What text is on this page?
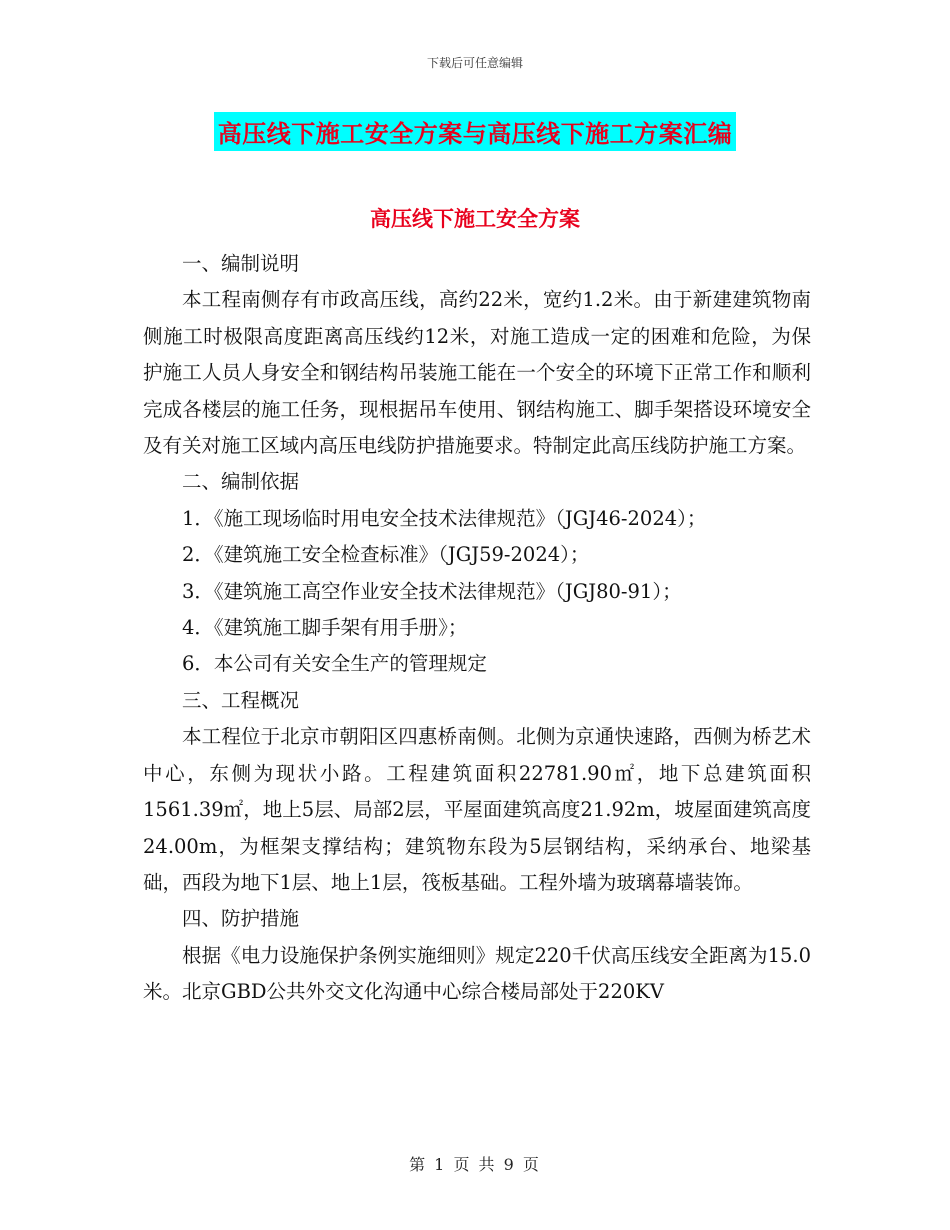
下载后可任意编辑
高压线下施工安全方案与高压线下施工方案汇编
高压线下施工安全方案

一、编制说明

本工程南侧存有市政高压线，高约22米，宽约1.2米。由于新建建筑物南侧施工时极限高度距离高压线约12米，对施工造成一定的困难和危险，为保护施工人员人身安全和钢结构吊装施工能在一个安全的环境下正常工作和顺利完成各楼层的施工任务，现根据吊车使用、钢结构施工、脚手架搭设环境安全及有关对施工区域内高压电线防护措施要求。特制定此高压线防护施工方案。

二、编制依据

1．《施工现场临时用电安全技术法律规范》（JGJ46-2024）；

2．《建筑施工安全检查标准》（JGJ59-2024）；

3．《建筑施工高空作业安全技术法律规范》（JGJ80-91）；

4．《建筑施工脚手架有用手册》；

6．本公司有关安全生产的管理规定

三、工程概况

本工程位于北京市朝阳区四惠桥南侧。北侧为京通快速路，西侧为桥艺术中心，东侧为现状小路。工程建筑面积22781.90㎡，地下总建筑面积1561.39㎡，地上5层、局部2层，平屋面建筑高度21.92m，坡屋面建筑高度24.00m，为框架支撑结构；建筑物东段为5层钢结构，采纳承台、地梁基础，西段为地下1层、地上1层，筏板基础。工程外墙为玻璃幕墙装饰。

四、防护措施

根据《电力设施保护条例实施细则》规定220千伏高压线安全距离为15.0米。北京GBD公共外交文化沟通中心综合楼局部处于220KV

第 1 页 共 9 页
